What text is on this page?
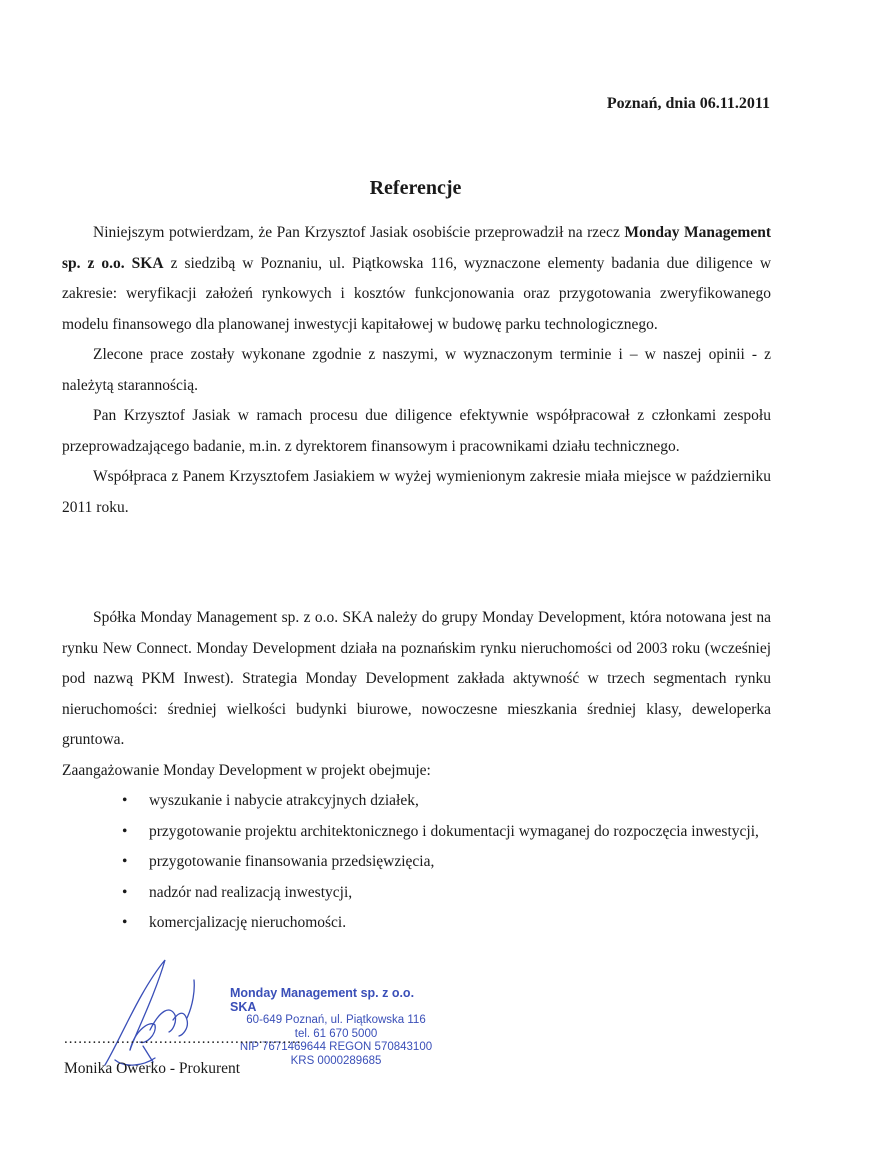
Poznań, dnia 06.11.2011
Referencje

Niniejszym potwierdzam, że Pan Krzysztof Jasiak osobiście przeprowadził na rzecz Monday Management sp. z o.o. SKA z siedzibą w Poznaniu, ul. Piątkowska 116, wyznaczone elementy badania due diligence w zakresie: weryfikacji założeń rynkowych i kosztów funkcjonowania oraz przygotowania zweryfikowanego modelu finansowego dla planowanej inwestycji kapitałowej w budowę parku technologicznego.

Zlecone prace zostały wykonane zgodnie z naszymi, w wyznaczonym terminie i – w naszej opinii - z należytą starannością.

Pan Krzysztof Jasiak w ramach procesu due diligence efektywnie współpracował z członkami zespołu przeprowadzającego badanie, m.in. z dyrektorem finansowym i pracownikami działu technicznego.

Współpraca z Panem Krzysztofem Jasiakiem w wyżej wymienionym zakresie miała miejsce w październiku 2011 roku.

Spółka Monday Management sp. z o.o. SKA należy do grupy Monday Development, która notowana jest na rynku New Connect. Monday Development działa na poznańskim rynku nieruchomości od 2003 roku (wcześniej pod nazwą PKM Inwest). Strategia Monday Development zakłada aktywność w trzech segmentach rynku nieruchomości: średniej wielkości budynki biurowe, nowoczesne mieszkania średniej klasy, deweloperka gruntowa.

Zaangażowanie Monday Development w projekt obejmuje:

• wyszukanie i nabycie atrakcyjnych działek,
• przygotowanie projektu architektonicznego i dokumentacji wymaganej do rozpoczęcia inwestycji,
• przygotowanie finansowania przedsięwzięcia,
• nadzór nad realizacją inwestycji,
• komercjalizację nieruchomości.
Monday Management sp. z o.o. SKA
60-649 Poznań, ul. Piątkowska 116
tel. 61 670 5000
NIP 7671469644 REGON 570843100
KRS 0000289685
..................................................
Monika Owerko - Prokurent
